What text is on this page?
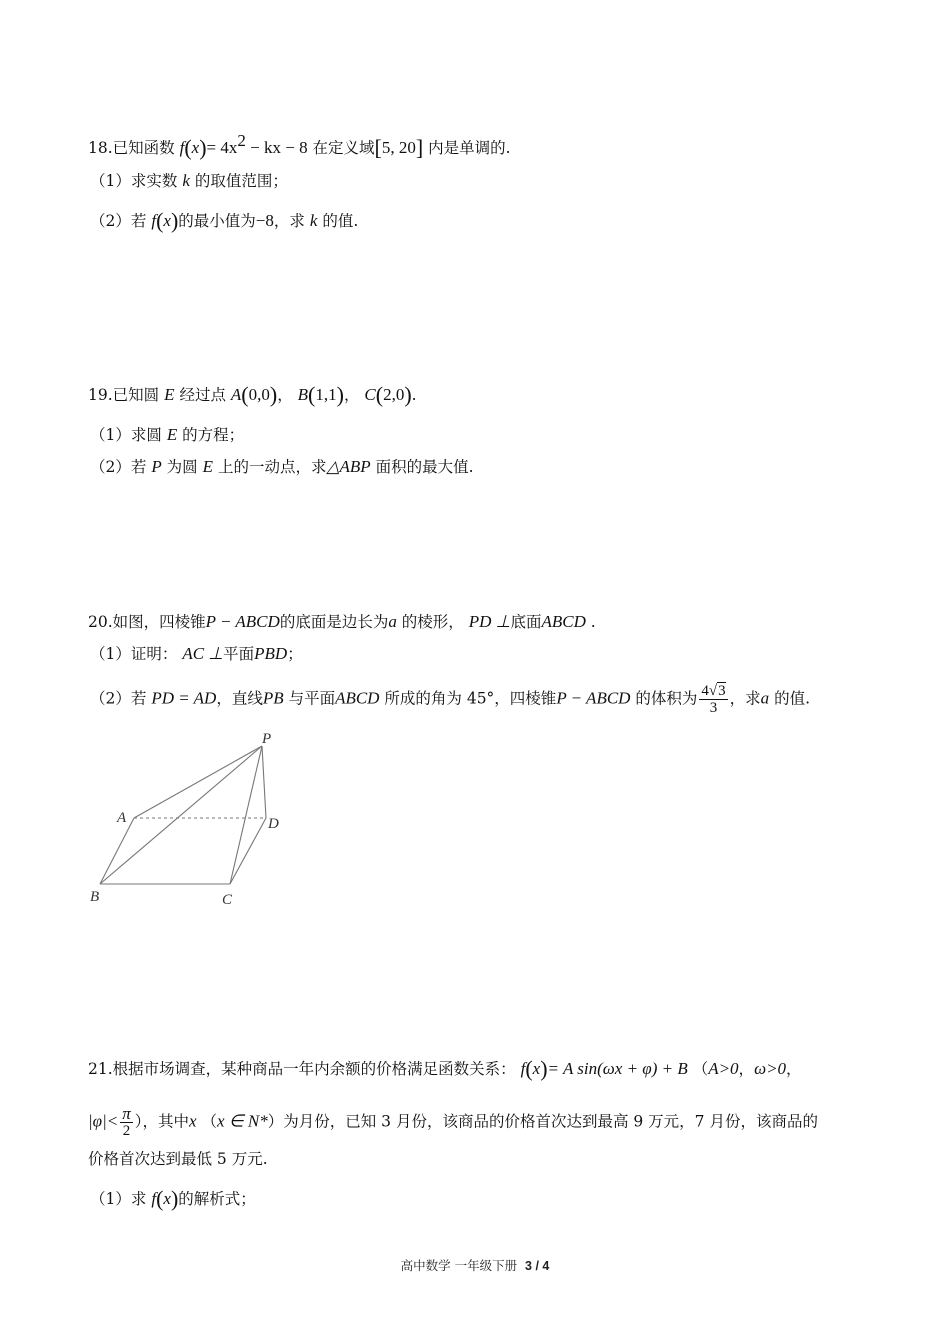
18.已知函数 $f(x)= 4x^2$ − kx − 8 在定义域[5, 20] 内是单调的.
（1）求实数 k 的取值范围；
（2）若 f(x)的最小值为−8，求 k 的值.
19.已知圆 E 经过点 A(0,0)， B(1,1)， C(2,0).
（1）求圆 E 的方程；
（2）若 P 为圆 E 上的一动点，求△ABP 面积的最大值.
20.如图，四棱锥P − ABCD的底面是边长为a 的棱形， PD ⊥底面ABCD .
（1）证明： AC ⊥平面PBD；
（2）若 PD = AD，直线PB 与平面ABCD 所成的角为 45°，四棱锥P − ABCD 的体积为 $\frac{4√3}{3}$ ，求a 的值.
P
A	D
B	C
21.根据市场调查，某种商品一年内余额的价格满足函数关系： f(x)= A sin(ωx + φ) + B （A>0，ω>0，
$|\varphi|< \frac{\pi}{2}$ ），其中x （x ∈ N*）为月份，已知 3 月份，该商品的价格首次达到最高 9 万元，7 月份，该商品的
价格首次达到最低 5 万元.
（1）求 f(x)的解析式；
高中数学 一年级下册 3 / 4
